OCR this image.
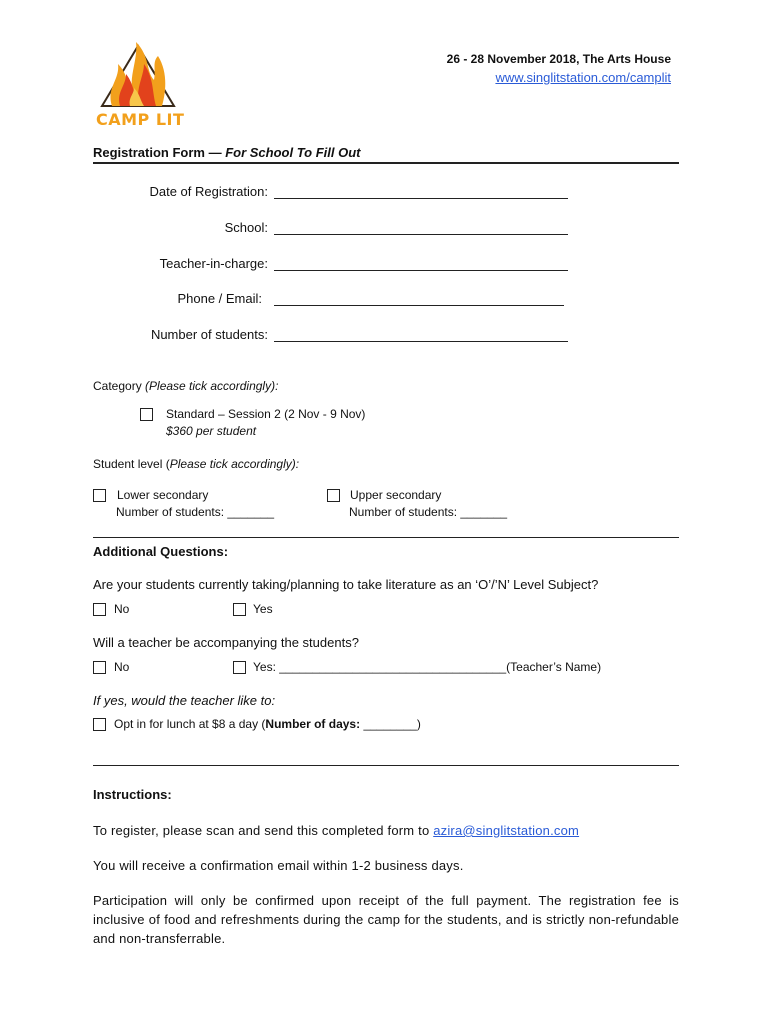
CAMP LIT
26 - 28 November 2018, The Arts House
www.singlitstation.com/camplit
Registration Form — For School To Fill Out
Date of Registration:
School:
Teacher-in-charge:
Phone / Email:
Number of students:
Category (Please tick accordingly):
Standard – Session 2 (2 Nov - 9 Nov)
$360 per student
Student level (Please tick accordingly):
Lower secondary
Number of students: _______
Upper secondary
Number of students: _______
Additional Questions:
Are your students currently taking/planning to take literature as an ‘O’/’N’ Level Subject?
No	Yes
Will a teacher be accompanying the students?
No	Yes: __________________________________(Teacher’s Name)
If yes, would the teacher like to:
Opt in for lunch at $8 a day (Number of days: ________)
Instructions:
To register, please scan and send this completed form to azira@singlitstation.com
You will receive a confirmation email within 1-2 business days.
Participation will only be confirmed upon receipt of the full payment. The registration fee is inclusive of food and refreshments during the camp for the students, and is strictly non-refundable and non-transferrable.
